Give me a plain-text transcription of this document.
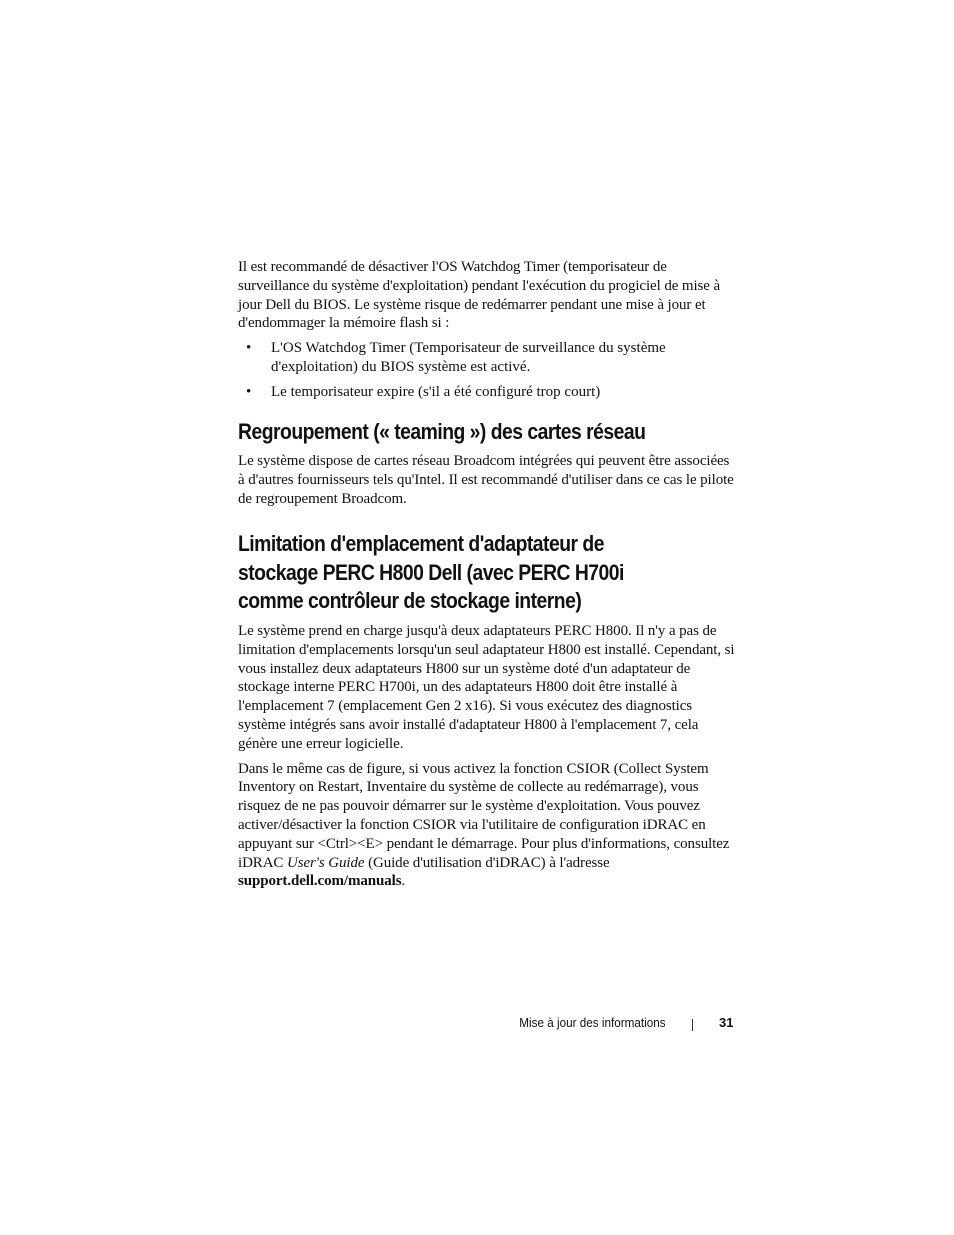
Il est recommandé de désactiver l'OS Watchdog Timer (temporisateur de surveillance du système d'exploitation) pendant l'exécution du progiciel de mise à jour Dell du BIOS. Le système risque de redémarrer pendant une mise à jour et d'endommager la mémoire flash si :

• L'OS Watchdog Timer (Temporisateur de surveillance du système d'exploitation) du BIOS système est activé.
• Le temporisateur expire (s'il a été configuré trop court)
Regroupement (« teaming ») des cartes réseau

Le système dispose de cartes réseau Broadcom intégrées qui peuvent être associées à d'autres fournisseurs tels qu'Intel. Il est recommandé d'utiliser dans ce cas le pilote de regroupement Broadcom.

Limitation d'emplacement d'adaptateur de
stockage PERC H800 Dell (avec PERC H700i
comme contrôleur de stockage interne)

Le système prend en charge jusqu'à deux adaptateurs PERC H800. Il n'y a pas de limitation d'emplacements lorsqu'un seul adaptateur H800 est installé. Cependant, si vous installez deux adaptateurs H800 sur un système doté d'un adaptateur de stockage interne PERC H700i, un des adaptateurs H800 doit être installé à l'emplacement 7 (emplacement Gen 2 x16). Si vous exécutez des diagnostics système intégrés sans avoir installé d'adaptateur H800 à l'emplacement 7, cela génère une erreur logicielle.

Dans le même cas de figure, si vous activez la fonction CSIOR (Collect System Inventory on Restart, Inventaire du système de collecte au redémarrage), vous risquez de ne pas pouvoir démarrer sur le système d'exploitation. Vous pouvez activer/désactiver la fonction CSIOR via l'utilitaire de configuration iDRAC en appuyant sur <Ctrl><E> pendant le démarrage. Pour plus d'informations, consultez iDRAC User's Guide (Guide d'utilisation d'iDRAC) à l'adresse support.dell.com/manuals.

Mise à jour des informations	31
